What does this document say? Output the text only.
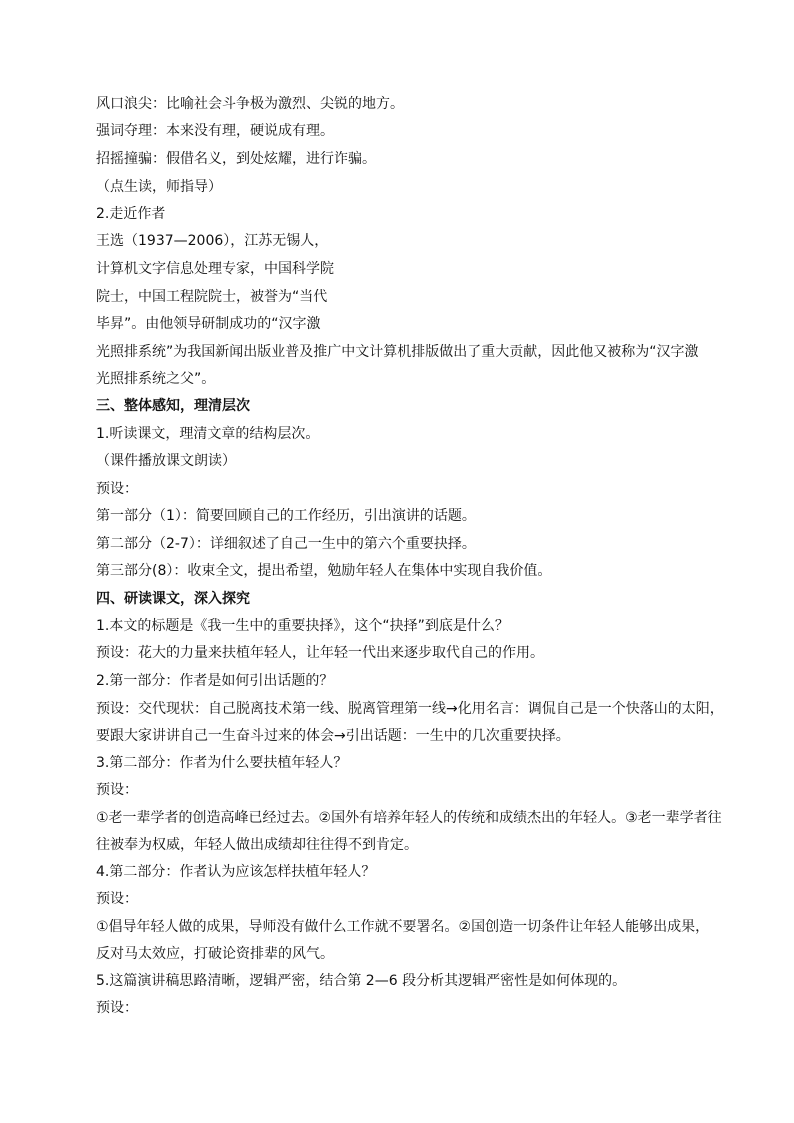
风口浪尖：比喻社会斗争极为激烈、尖锐的地方。
强词夺理：本来没有理，硬说成有理。
招摇撞骗：假借名义，到处炫耀，进行诈骗。
（点生读，师指导）
2.走近作者
王选（1937—2006），江苏无锡人，
计算机文字信息处理专家，中国科学院
院士，中国工程院院士，被誉为“当代
毕昇”。由他领导研制成功的“汉字激
光照排系统”为我国新闻出版业普及推广中文计算机排版做出了重大贡献，因此他又被称为“汉字激
光照排系统之父”。
三、整体感知，理清层次
1.听读课文，理清文章的结构层次。
（课件播放课文朗读）
预设：
第一部分（1）：简要回顾自己的工作经历，引出演讲的话题。
第二部分（2-7）：详细叙述了自己一生中的第六个重要抉择。
第三部分(8）：收束全文，提出希望，勉励年轻人在集体中实现自我价值。
四、研读课文，深入探究
1.本文的标题是《我一生中的重要抉择》，这个“抉择”到底是什么？
预设：花大的力量来扶植年轻人，让年轻一代出来逐步取代自己的作用。
2.第一部分：作者是如何引出话题的？
预设：交代现状：自己脱离技术第一线、脱离管理第一线→化用名言：调侃自己是一个快落山的太阳，
要跟大家讲讲自己一生奋斗过来的体会→引出话题：一生中的几次重要抉择。
3.第二部分：作者为什么要扶植年轻人？
预设：
①老一辈学者的创造高峰已经过去。②国外有培养年轻人的传统和成绩杰出的年轻人。③老一辈学者往
往被奉为权威，年轻人做出成绩却往往得不到肯定。
4.第二部分：作者认为应该怎样扶植年轻人？
预设：
①倡导年轻人做的成果，导师没有做什么工作就不要署名。②国创造一切条件让年轻人能够出成果，
反对马太效应，打破论资排辈的风气。
5.这篇演讲稿思路清晰，逻辑严密，结合第 2—6 段分析其逻辑严密性是如何体现的。
预设：
